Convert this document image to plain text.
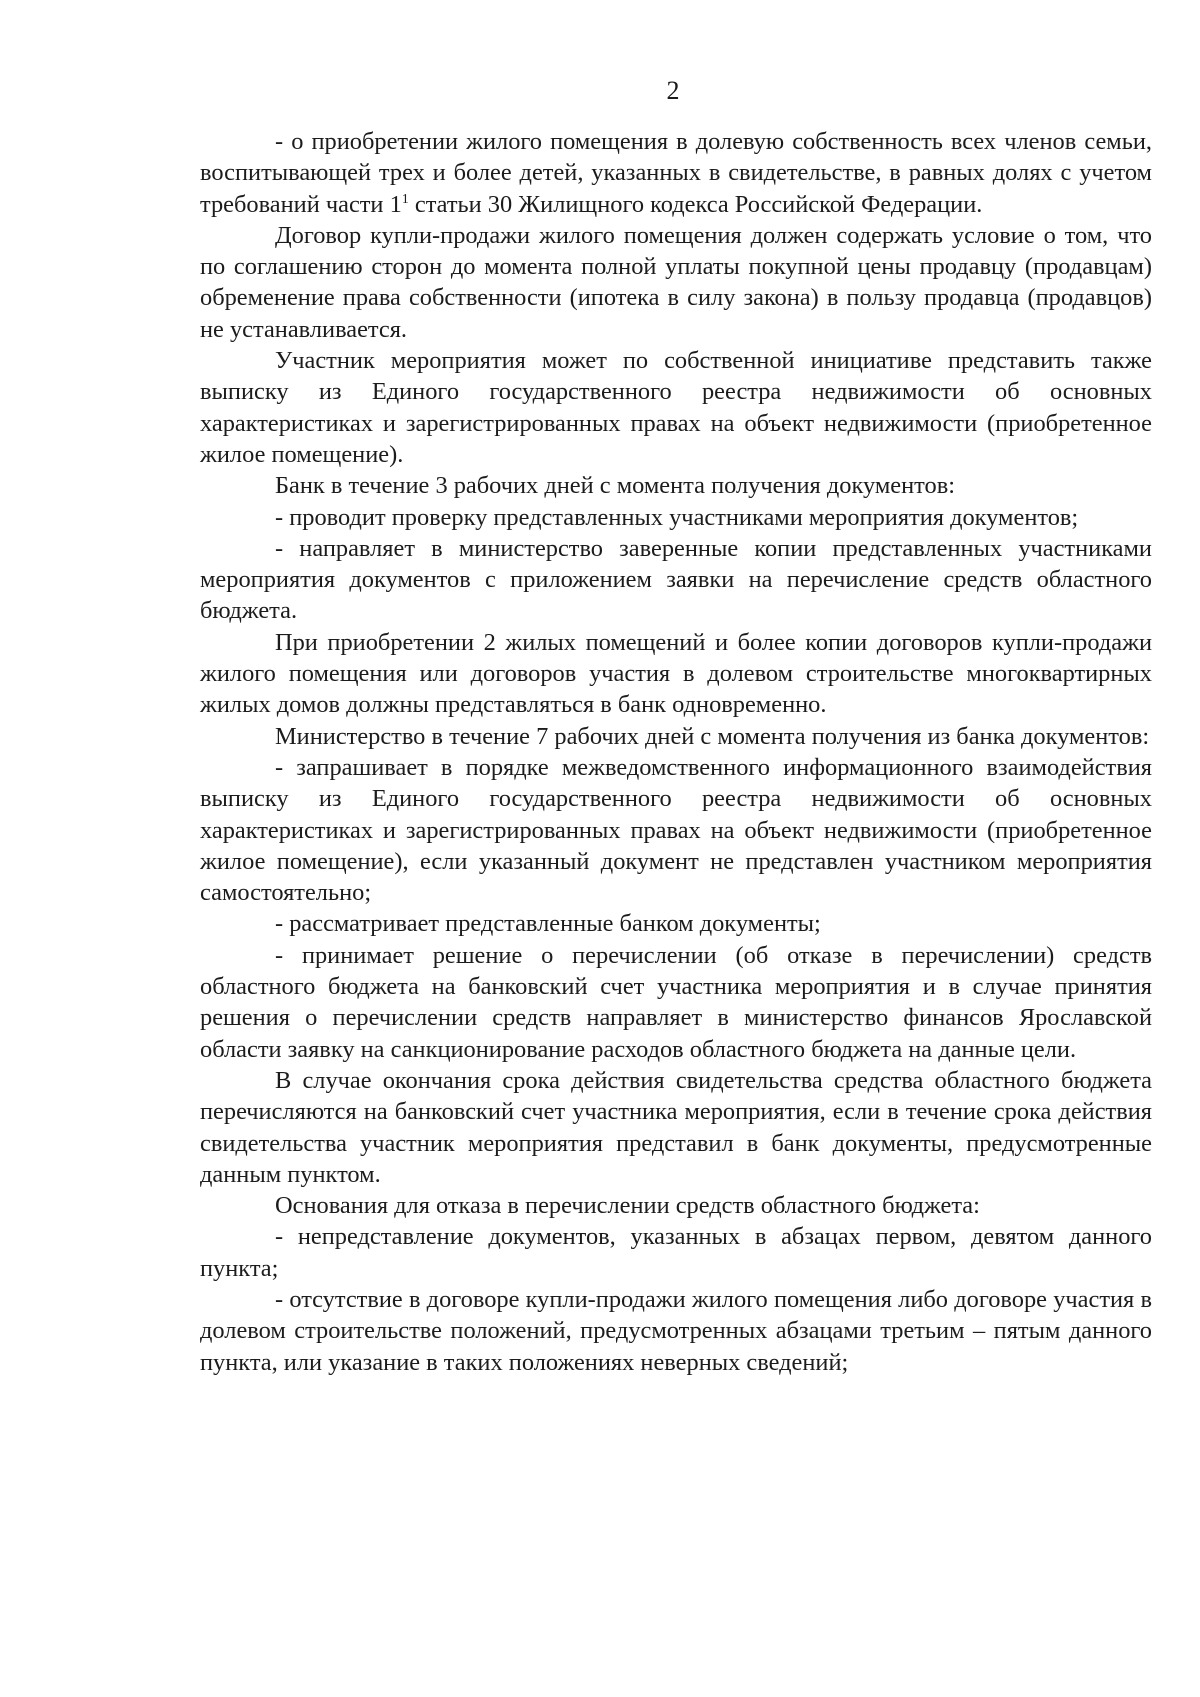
2

- о приобретении жилого помещения в долевую собственность всех членов семьи, воспитывающей трех и более детей, указанных в свидетельстве, в равных долях с учетом требований части $1^1$ статьи 30 Жилищного кодекса Российской Федерации.

Договор купли-продажи жилого помещения должен содержать условие о том, что по соглашению сторон до момента полной уплаты покупной цены продавцу (продавцам) обременение права собственности (ипотека в силу закона) в пользу продавца (продавцов) не устанавливается.

Участник мероприятия может по собственной инициативе представить также выписку из Единого государственного реестра недвижимости об основных характеристиках и зарегистрированных правах на объект недвижимости (приобретенное жилое помещение).

Банк в течение 3 рабочих дней с момента получения документов:

- проводит проверку представленных участниками мероприятия документов;

- направляет в министерство заверенные копии представленных участниками мероприятия документов с приложением заявки на перечисление средств областного бюджета.

При приобретении 2 жилых помещений и более копии договоров купли-продажи жилого помещения или договоров участия в долевом строительстве многоквартирных жилых домов должны представляться в банк одновременно.

Министерство в течение 7 рабочих дней с момента получения из банка документов:

- запрашивает в порядке межведомственного информационного взаимодействия выписку из Единого государственного реестра недвижимости об основных характеристиках и зарегистрированных правах на объект недвижимости (приобретенное жилое помещение), если указанный документ не представлен участником мероприятия самостоятельно;

- рассматривает представленные банком документы;

- принимает решение о перечислении (об отказе в перечислении) средств областного бюджета на банковский счет участника мероприятия и в случае принятия решения о перечислении средств направляет в министерство финансов Ярославской области заявку на санкционирование расходов областного бюджета на данные цели.

В случае окончания срока действия свидетельства средства областного бюджета перечисляются на банковский счет участника мероприятия, если в течение срока действия свидетельства участник мероприятия представил в банк документы, предусмотренные данным пунктом.

Основания для отказа в перечислении средств областного бюджета:

- непредставление документов, указанных в абзацах первом, девятом данного пункта;

- отсутствие в договоре купли-продажи жилого помещения либо договоре участия в долевом строительстве положений, предусмотренных абзацами третьим – пятым данного пункта, или указание в таких положениях неверных сведений;
